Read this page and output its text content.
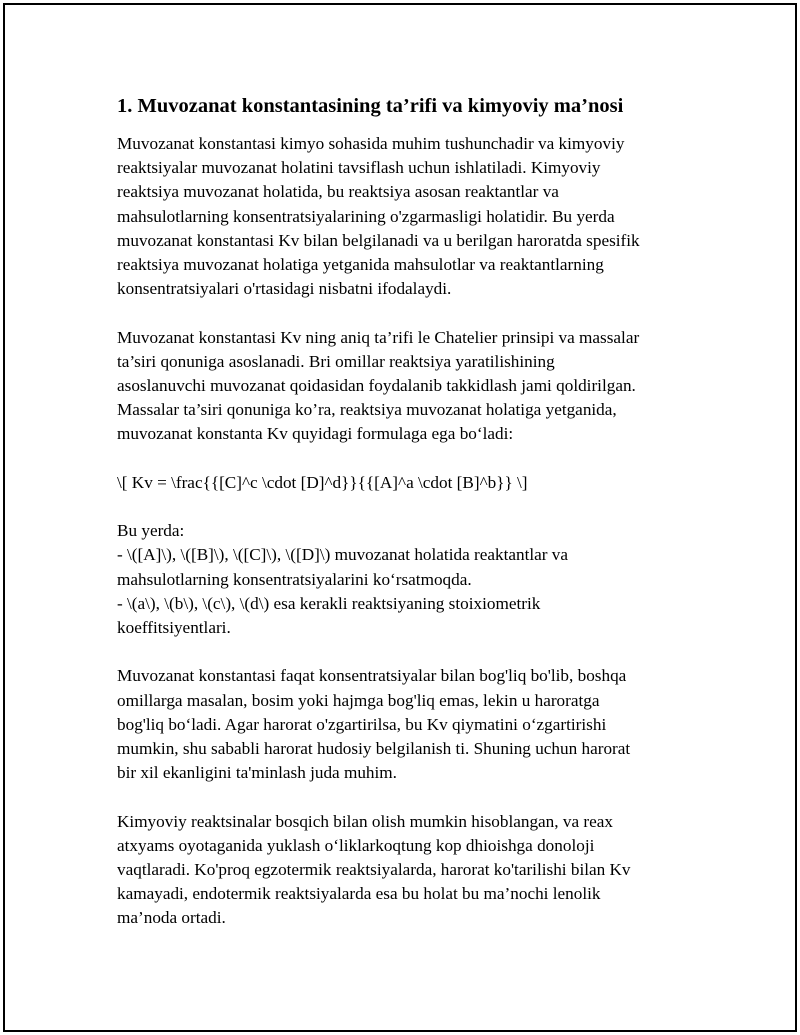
1. Muvozanat konstantasining ta’rifi va kimyoviy ma’nosi
Muvozanat konstantasi kimyo sohasida muhim tushunchadir va kimyoviy
reaktsiyalar muvozanat holatini tavsiflash uchun ishlatiladi. Kimyoviy
reaktsiya muvozanat holatida, bu reaktsiya asosan reaktantlar va
mahsulotlarning konsentratsiyalarining o'zgarmasligi holatidir. Bu yerda
muvozanat konstantasi Kv bilan belgilanadi va u berilgan haroratda spesifik
reaktsiya muvozanat holatiga yetganida mahsulotlar va reaktantlarning
konsentratsiyalari o'rtasidagi nisbatni ifodalaydi.
Muvozanat konstantasi Kv ning aniq ta’rifi le Chatelier prinsipi va massalar
ta’siri qonuniga asoslanadi. Bri omillar reaktsiya yaratilishining
asoslanuvchi muvozanat qoidasidan foydalanib takkidlash jami qoldirilgan.
Massalar ta’siri qonuniga ko’ra, reaktsiya muvozanat holatiga yetganida,
muvozanat konstanta Kv quyidagi formulaga ega bo‘ladi:
\[ Kv = \frac{{[C]^c \cdot [D]^d}}{{[A]^a \cdot [B]^b}} \]
Bu yerda:
- \([A]\), \([B]\), \([C]\), \([D]\) muvozanat holatida reaktantlar va
mahsulotlarning konsentratsiyalarini ko‘rsatmoqda.
- \(a\), \(b\), \(c\), \(d\) esa kerakli reaktsiyaning stoixiometrik
koeffitsiyentlari.
Muvozanat konstantasi faqat konsentratsiyalar bilan bog'liq bo'lib, boshqa
omillarga masalan, bosim yoki hajmga bog'liq emas, lekin u haroratga
bog'liq bo‘ladi. Agar harorat o'zgartirilsa, bu Kv qiymatini o‘zgartirishi
mumkin, shu sababli harorat hudosiy belgilanish ti. Shuning uchun harorat
bir xil ekanligini ta'minlash juda muhim.
Kimyoviy reaktsinalar bosqich bilan olish mumkin hisoblangan, va reax
atxyams oyotaganida yuklash o‘liklarkoqtung kop dhioishga donoloji
vaqtlaradi. Ko'proq egzotermik reaktsiyalarda, harorat ko'tarilishi bilan Kv
kamayadi, endotermik reaktsiyalarda esa bu holat bu ma’nochi lenolik
ma’noda ortadi.
